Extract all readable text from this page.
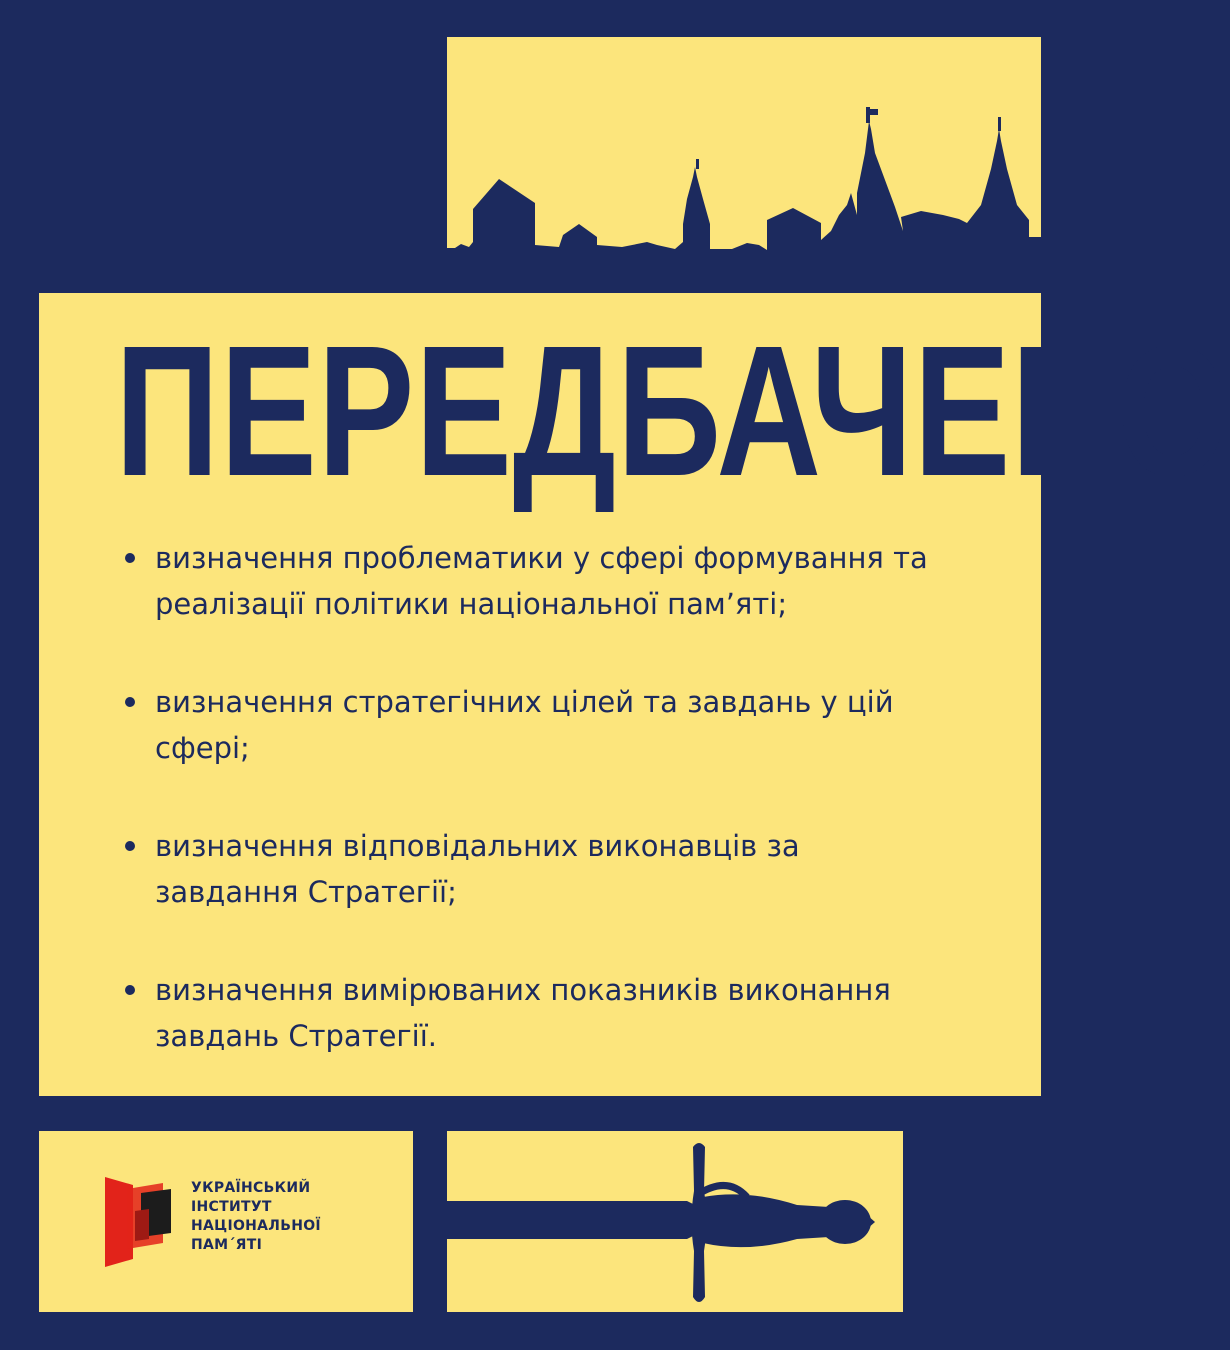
ПЕРЕДБАЧЕНО
визначення проблематики у сфері формування та
реалізації політики національної пам’яті;
визначення стратегічних цілей та завдань у цій
сфері;
визначення відповідальних виконавців за
завдання Стратегії;
визначення вимірюваних показників виконання
завдань Стратегії.
УКРАЇНСЬКИЙ
ІНСТИТУТ
НАЦІОНАЛЬНОЇ
ПАМ´ЯТІ
